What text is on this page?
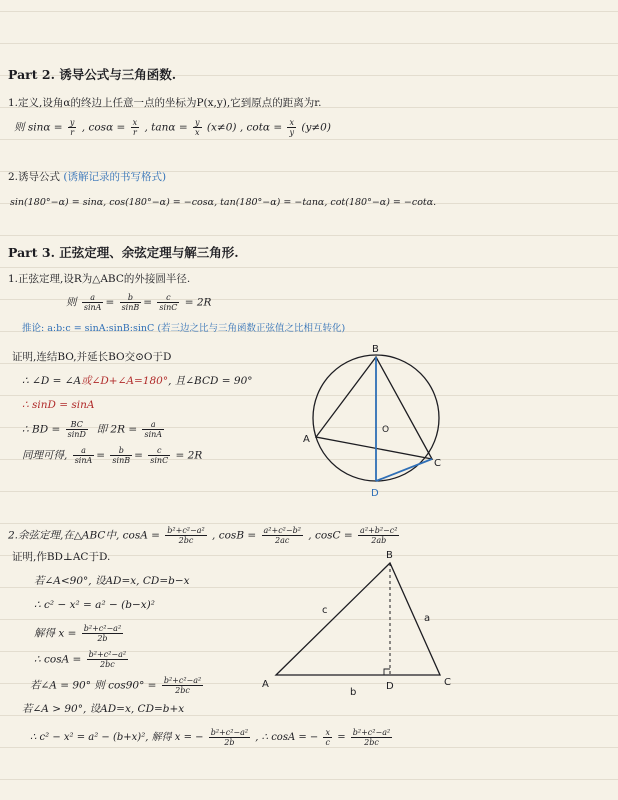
Part 2. 诱导公式与三角函数.
1.定义,设角α的终边上任意一点的坐标为P(x,y),它到原点的距离为r.
则 $\sin\alpha = \frac{y}{r}$ , $\cos\alpha = \frac{x}{r}$ , $\tan\alpha = \frac{y}{x} (x\ne 0)$ , $\cot\alpha = \frac{x}{y} (y\ne 0)$
2.诱导公式 (诱解记录的书写格式)
sin(180°−α) = sinα, cos(180°−α) = −cosα, tan(180°−α) = −tanα, cot(180°−α) = −cotα.
Part 3. 正弦定理、余弦定理与解三角形.
1.正弦定理,设R为△ABC的外接圆半径.
则 $\frac{a}{\sin A} = \frac{b}{\sin B} = \frac{c}{\sin C} = 2R$
推论: a:b:c = sinA:sinB:sinC (若三边之比与三角函数正弦值之比相互转化)
证明,连结BO,并延长BO交⊙O于D
∴ ∠D = ∠A或∠D+∠A=180°, 且∠BCD = 90°
∴ sinD = sinA
∴ BD = $\frac{BC}{\sin D}$ 即 $2R = \frac{a}{\sin A}$
同理可得, $\frac{a}{\sin A} = \frac{b}{\sin B} = \frac{c}{\sin C} = 2R$
B
A
C
D
O
2.余弦定理,在△ABC中, $\cos A = \frac{\text{b²+c²−a²}}{2bc}$ , $\cos B = \frac{\text{a²+c²−b²}}{2ac}$ , $\cos C = \frac{\text{a²+b²−c²}}{2ab}$
证明,作BD⊥AC于D.
若∠A<90°, 设AD=x, CD=b−x
∴ c² − x² = a² − (b−x)²
解得 $x = \frac{\text{b²+c²−a²}}{2b}$
∴ $\cos A = \frac{\text{b²+c²−a²}}{2bc}$
若∠A = 90° 则 $\cos 90^\circ = \frac{\text{b²+c²−a²}}{2bc}$
若∠A > 90°, 设AD=x, CD=b+x
∴ c² − x² = a² − (b+x)², 解得 x = − $\frac{\text{b²+c²−a²}}{2b}$ , ∴ cosA = − $\frac{x}{c} = \frac{\text{b²+c²−a²}}{2bc}$
B
A	C
D
a
b
c
